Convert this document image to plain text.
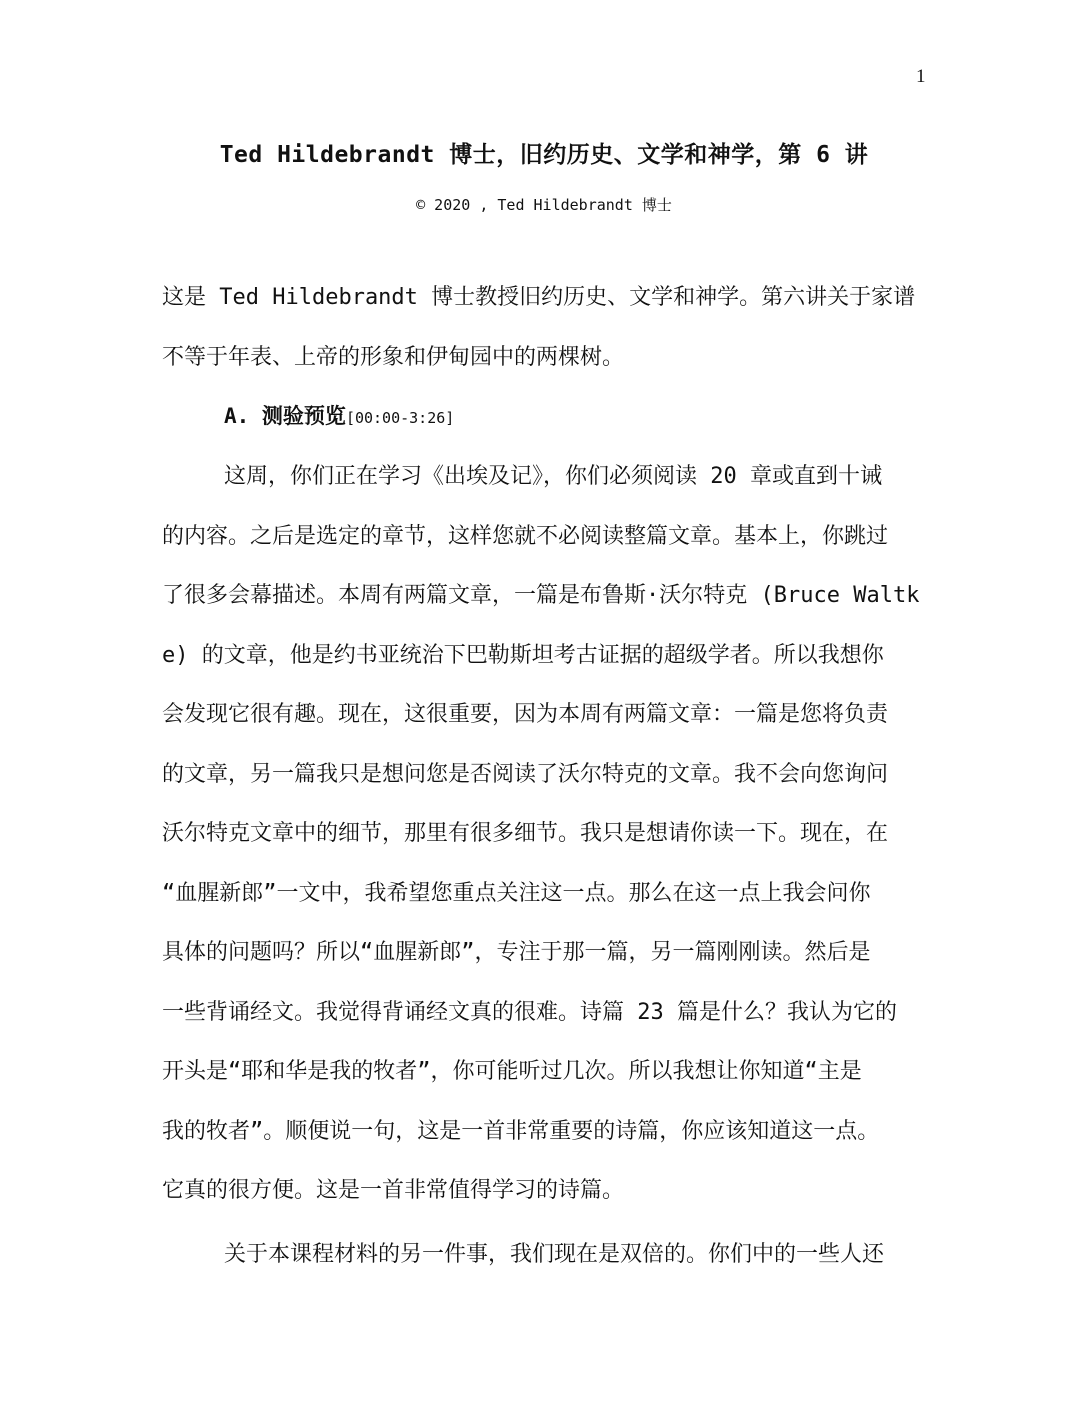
1
Ted Hildebrandt 博士，旧约历史、文学和神学，第 6 讲
© 2020 , Ted Hildebrandt 博士
这是 Ted Hildebrandt 博士教授旧约历史、文学和神学。第六讲关于家谱
不等于年表、上帝的形象和伊甸园中的两棵树。
A. 测验预览[00:00-3:26]
这周，你们正在学习《出埃及记》，你们必须阅读 20 章或直到十诫
的内容。之后是选定的章节，这样您就不必阅读整篇文章。基本上，你跳过
了很多会幕描述。本周有两篇文章，一篇是布鲁斯·沃尔特克 (Bruce Waltk
e) 的文章，他是约书亚统治下巴勒斯坦考古证据的超级学者。所以我想你
会发现它很有趣。现在，这很重要，因为本周有两篇文章：一篇是您将负责
的文章，另一篇我只是想问您是否阅读了沃尔特克的文章。我不会向您询问
沃尔特克文章中的细节，那里有很多细节。我只是想请你读一下。现在，在
“血腥新郎”一文中，我希望您重点关注这一点。那么在这一点上我会问你
具体的问题吗？所以“血腥新郎”，专注于那一篇，另一篇刚刚读。然后是
一些背诵经文。我觉得背诵经文真的很难。诗篇 23 篇是什么？我认为它的
开头是“耶和华是我的牧者”，你可能听过几次。所以我想让你知道“主是
我的牧者”。顺便说一句，这是一首非常重要的诗篇，你应该知道这一点。
它真的很方便。这是一首非常值得学习的诗篇。
关于本课程材料的另一件事，我们现在是双倍的。你们中的一些人还
